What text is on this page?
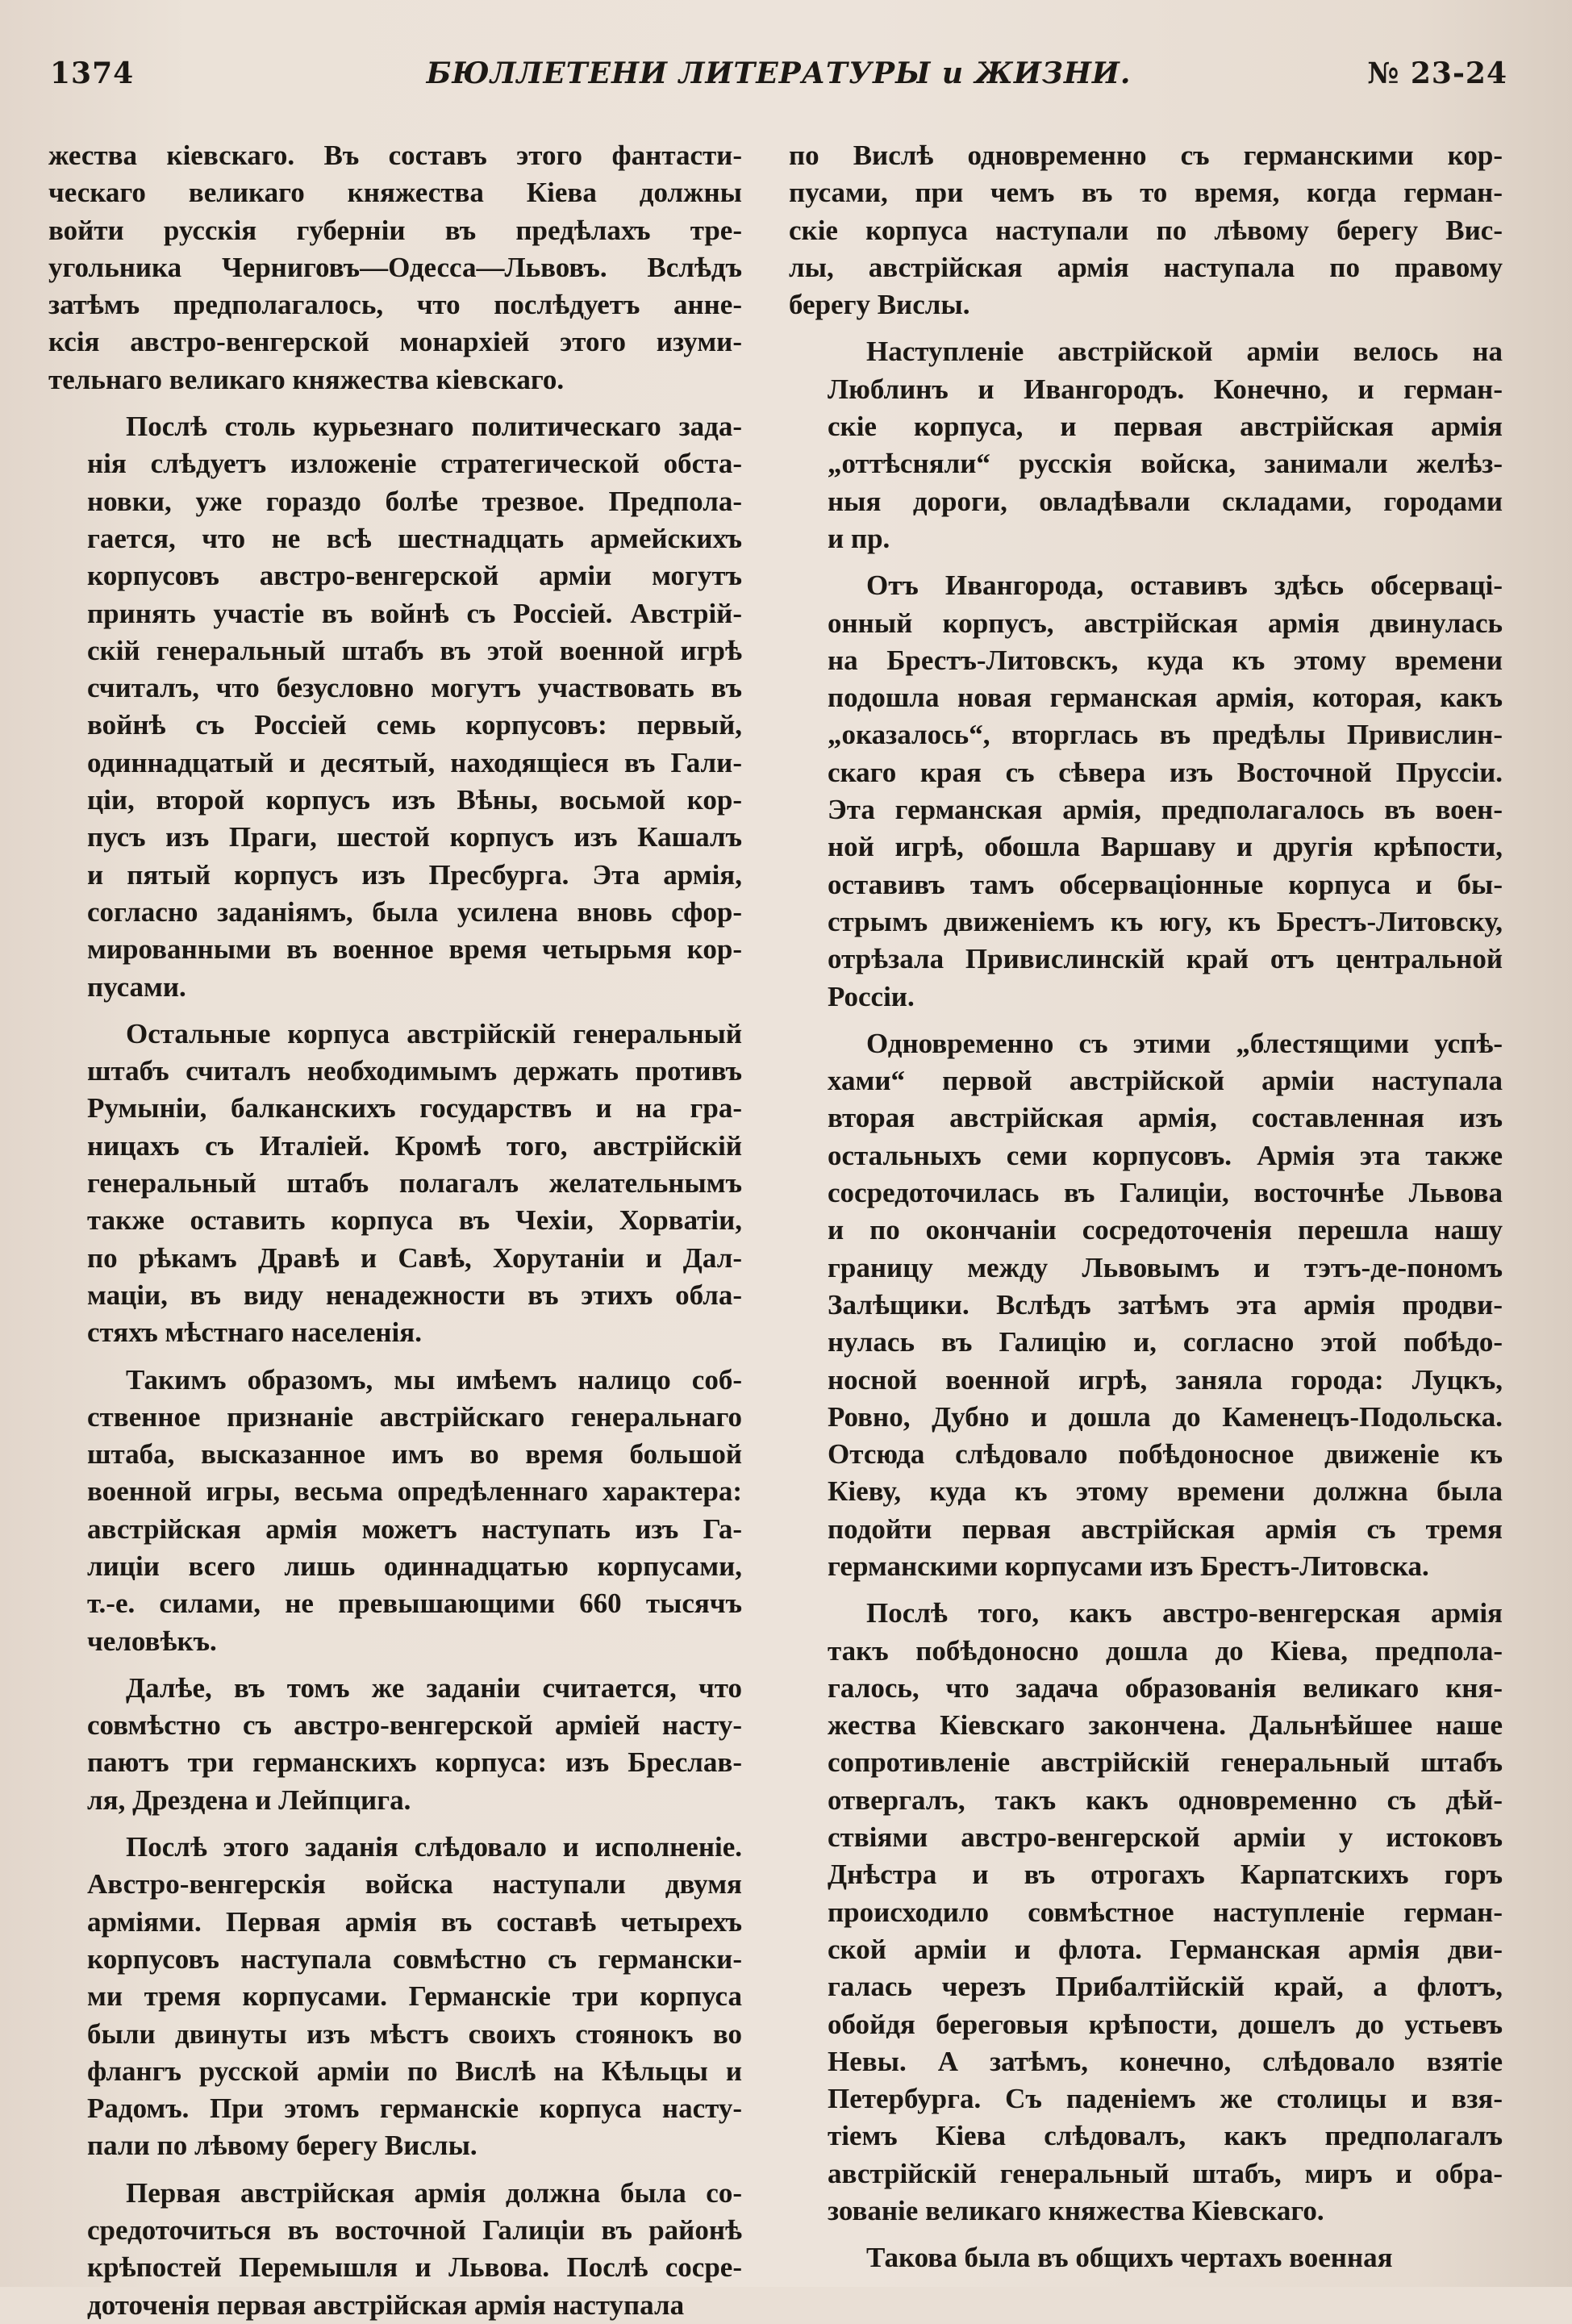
1374	БЮЛЛЕТЕНИ ЛИТЕРАТУРЫ и ЖИЗНИ.	№ 23-24

жества кіевскаго. Въ составъ этого фантасти-
ческаго великаго княжества Кіева должны
войти русскія губерніи въ предѣлахъ тре-
угольника Черниговъ—Одесса—Львовъ. Вслѣдъ
затѣмъ предполагалось, что послѣдуетъ анне-
ксія австро-венгерской монархіей этого изуми-
тельнаго великаго княжества кіевскаго.

Послѣ столь курьезнаго политическаго зада-
нія слѣдуетъ изложеніе стратегической обста-
новки, уже гораздо болѣе трезвое. Предпола-
гается, что не всѣ шестнадцать армейскихъ
корпусовъ австро-венгерской арміи могутъ
принять участіе въ войнѣ съ Россіей. Австрій-
скій генеральный штабъ въ этой военной игрѣ
считалъ, что безусловно могутъ участвовать въ
войнѣ съ Россіей семь корпусовъ: первый,
одиннадцатый и десятый, находящіеся въ Гали-
ціи, второй корпусъ изъ Вѣны, восьмой кор-
пусъ изъ Праги, шестой корпусъ изъ Кашалъ
и пятый корпусъ изъ Пресбурга. Эта армія,
согласно заданіямъ, была усилена вновь сфор-
мированными въ военное время четырьмя кор-
пусами.

Остальные корпуса австрійскій генеральный
штабъ считалъ необходимымъ держать противъ
Румыніи, балканскихъ государствъ и на гра-
ницахъ съ Италіей. Кромѣ того, австрійскій
генеральный штабъ полагалъ желательнымъ
также оставить корпуса въ Чехіи, Хорватіи,
по рѣкамъ Дравѣ и Савѣ, Хорутаніи и Дал-
маціи, въ виду ненадежности въ этихъ обла-
стяхъ мѣстнаго населенія.

Такимъ образомъ, мы имѣемъ налицо соб-
ственное признаніе австрійскаго генеральнаго
штаба, высказанное имъ во время большой
военной игры, весьма опредѣленнаго характера:
австрійская армія можетъ наступать изъ Га-
лиціи всего лишь одиннадцатью корпусами,
т.-е. силами, не превышающими 660 тысячъ
человѣкъ.

Далѣе, въ томъ же заданіи считается, что
совмѣстно съ австро-венгерской арміей насту-
паютъ три германскихъ корпуса: изъ Бреслав-
ля, Дрездена и Лейпцига.

Послѣ этого заданія слѣдовало и исполненіе.
Австро-венгерскія войска наступали двумя
арміями. Первая армія въ составѣ четырехъ
корпусовъ наступала совмѣстно съ германски-
ми тремя корпусами. Германскіе три корпуса
были двинуты изъ мѣстъ своихъ стоянокъ во
флангъ русской арміи по Вислѣ на Кѣльцы и
Радомъ. При этомъ германскіе корпуса насту-
пали по лѣвому берегу Вислы.

Первая австрійская армія должна была со-
средоточиться въ восточной Галиціи въ районѣ
крѣпостей Перемышля и Львова. Послѣ сосре-
доточенія первая австрійская армія наступала

по Вислѣ одновременно съ германскими кор-
пусами, при чемъ въ то время, когда герман-
скіе корпуса наступали по лѣвому берегу Вис-
лы, австрійская армія наступала по правому
берегу Вислы.

Наступленіе австрійской арміи велось на
Люблинъ и Ивангородъ. Конечно, и герман-
скіе корпуса, и первая австрійская армія
„оттѣсняли“ русскія войска, занимали желѣз-
ныя дороги, овладѣвали складами, городами
и пр.

Отъ Ивангорода, оставивъ здѣсь обсерваці-
онный корпусъ, австрійская армія двинулась
на Брестъ-Литовскъ, куда къ этому времени
подошла новая германская армія, которая, какъ
„оказалось“, вторглась въ предѣлы Привислин-
скаго края съ сѣвера изъ Восточной Пруссіи.
Эта германская армія, предполагалось въ воен-
ной игрѣ, обошла Варшаву и другія крѣпости,
оставивъ тамъ обсерваціонные корпуса и бы-
стрымъ движеніемъ къ югу, къ Брестъ-Литовску,
отрѣзала Привислинскій край отъ центральной
Россіи.

Одновременно съ этими „блестящими успѣ-
хами“ первой австрійской арміи наступала
вторая австрійская армія, составленная изъ
остальныхъ семи корпусовъ. Армія эта также
сосредоточилась въ Галиціи, восточнѣе Львова
и по окончаніи сосредоточенія перешла нашу
границу между Львовымъ и тэтъ-де-пономъ
Залѣщики. Вслѣдъ затѣмъ эта армія продви-
нулась въ Галицію и, согласно этой побѣдо-
носной военной игрѣ, заняла города: Луцкъ,
Ровно, Дубно и дошла до Каменецъ-Подольска.
Отсюда слѣдовало побѣдоносное движеніе къ
Кіеву, куда къ этому времени должна была
подойти первая австрійская армія съ тремя
германскими корпусами изъ Брестъ-Литовска.

Послѣ того, какъ австро-венгерская армія
такъ побѣдоносно дошла до Кіева, предпола-
галось, что задача образованія великаго кня-
жества Кіевскаго закончена. Дальнѣйшее наше
сопротивленіе австрійскій генеральный штабъ
отвергалъ, такъ какъ одновременно съ дѣй-
ствіями австро-венгерской арміи у истоковъ
Днѣстра и въ отрогахъ Карпатскихъ горъ
происходило совмѣстное наступленіе герман-
ской арміи и флота. Германская армія дви-
галась черезъ Прибалтійскій край, а флотъ,
обойдя береговыя крѣпости, дошелъ до устьевъ
Невы. А затѣмъ, конечно, слѣдовало взятіе
Петербурга. Съ паденіемъ же столицы и взя-
тіемъ Кіева слѣдовалъ, какъ предполагалъ
австрійскій генеральный штабъ, миръ и обра-
зованіе великаго княжества Кіевскаго.

Такова была въ общихъ чертахъ военная
